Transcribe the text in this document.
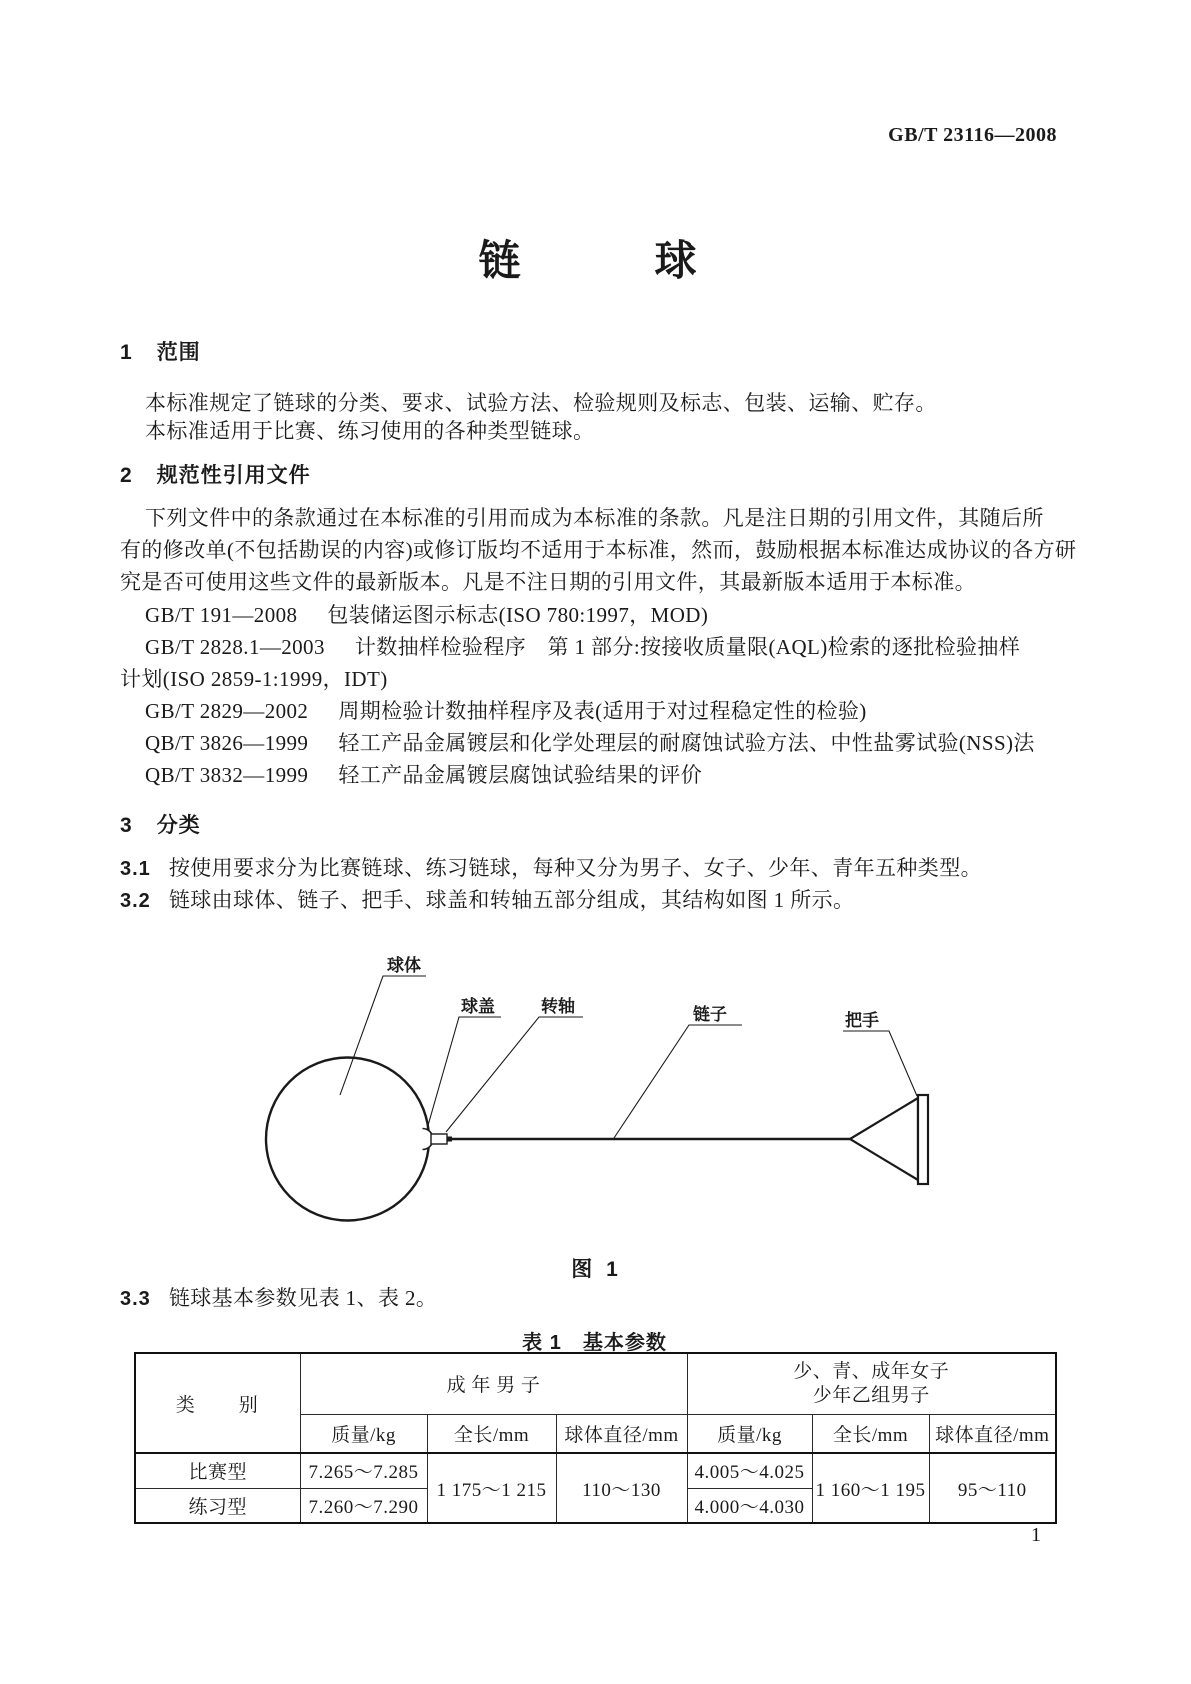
GB/T 23116—2008
链	球
1 范围
本标准规定了链球的分类、要求、试验方法、检验规则及标志、包装、运输、贮存。
本标准适用于比赛、练习使用的各种类型链球。
2 规范性引用文件
下列文件中的条款通过在本标准的引用而成为本标准的条款。凡是注日期的引用文件，其随后所
有的修改单(不包括勘误的内容)或修订版均不适用于本标准，然而，鼓励根据本标准达成协议的各方研
究是否可使用这些文件的最新版本。凡是不注日期的引用文件，其最新版本适用于本标准。
GB/T 191—2008 包装储运图示标志(ISO 780:1997，MOD)
GB/T 2828.1—2003 计数抽样检验程序　第 1 部分:按接收质量限(AQL)检索的逐批检验抽样
计划(ISO 2859-1:1999，IDT)
GB/T 2829—2002 周期检验计数抽样程序及表(适用于对过程稳定性的检验)
QB/T 3826—1999 轻工产品金属镀层和化学处理层的耐腐蚀试验方法、中性盐雾试验(NSS)法
QB/T 3832—1999 轻工产品金属镀层腐蚀试验结果的评价
3 分类
3.1 按使用要求分为比赛链球、练习链球，每种又分为男子、女子、少年、青年五种类型。
3.2 链球由球体、链子、把手、球盖和转轴五部分组成，其结构如图 1 所示。
球体
球盖	转轴	链子	把手
图 1
3.3 链球基本参数见表 1、表 2。
表 1　基本参数
类　　别	成 年 男 子			少、青、成年女子
少年乙组男子		

	质量/kg	全长/mm	球体直径/mm	质量/kg	全长/mm	球体直径/mm
比赛型	7.265～7.285	1 175～1 215	110～130	4.005～4.025	1 160～1 195	95～110
练习型	7.260～7.290			4.000～4.030		
1
